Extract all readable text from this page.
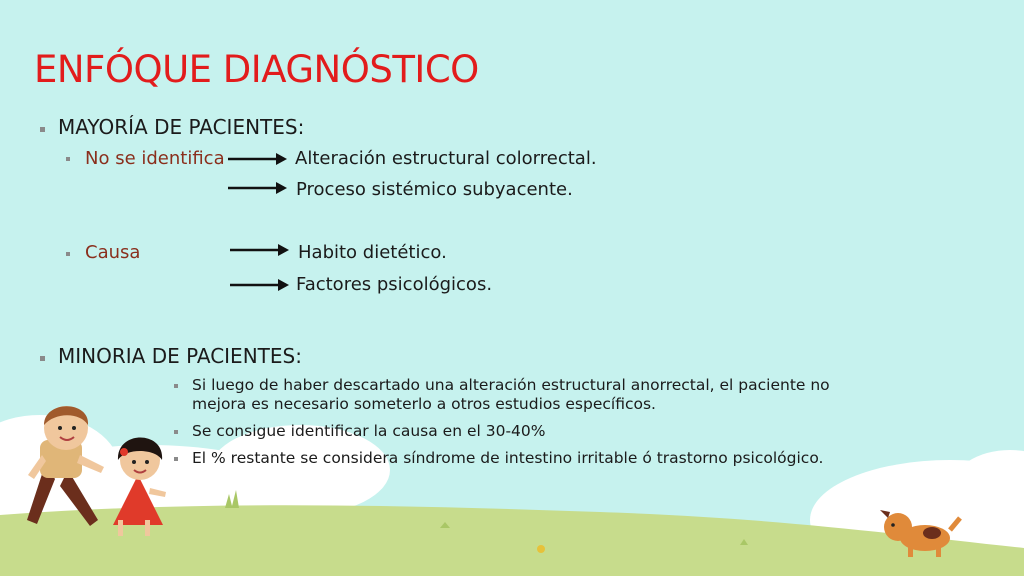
ENFÓQUE DIAGNÓSTICO
MAYORÍA DE PACIENTES:
No se identifica	Alteración estructural colorrectal.
Proceso sistémico subyacente.
Causa	Habito dietético.
Factores psicológicos.
MINORIA DE PACIENTES:
Si luego de haber descartado una alteración estructural anorrectal, el paciente no
mejora es necesario someterlo a otros estudios específicos.
Se consigue identificar la causa en el 30-40%
El % restante se considera síndrome de intestino irritable ó trastorno psicológico.
